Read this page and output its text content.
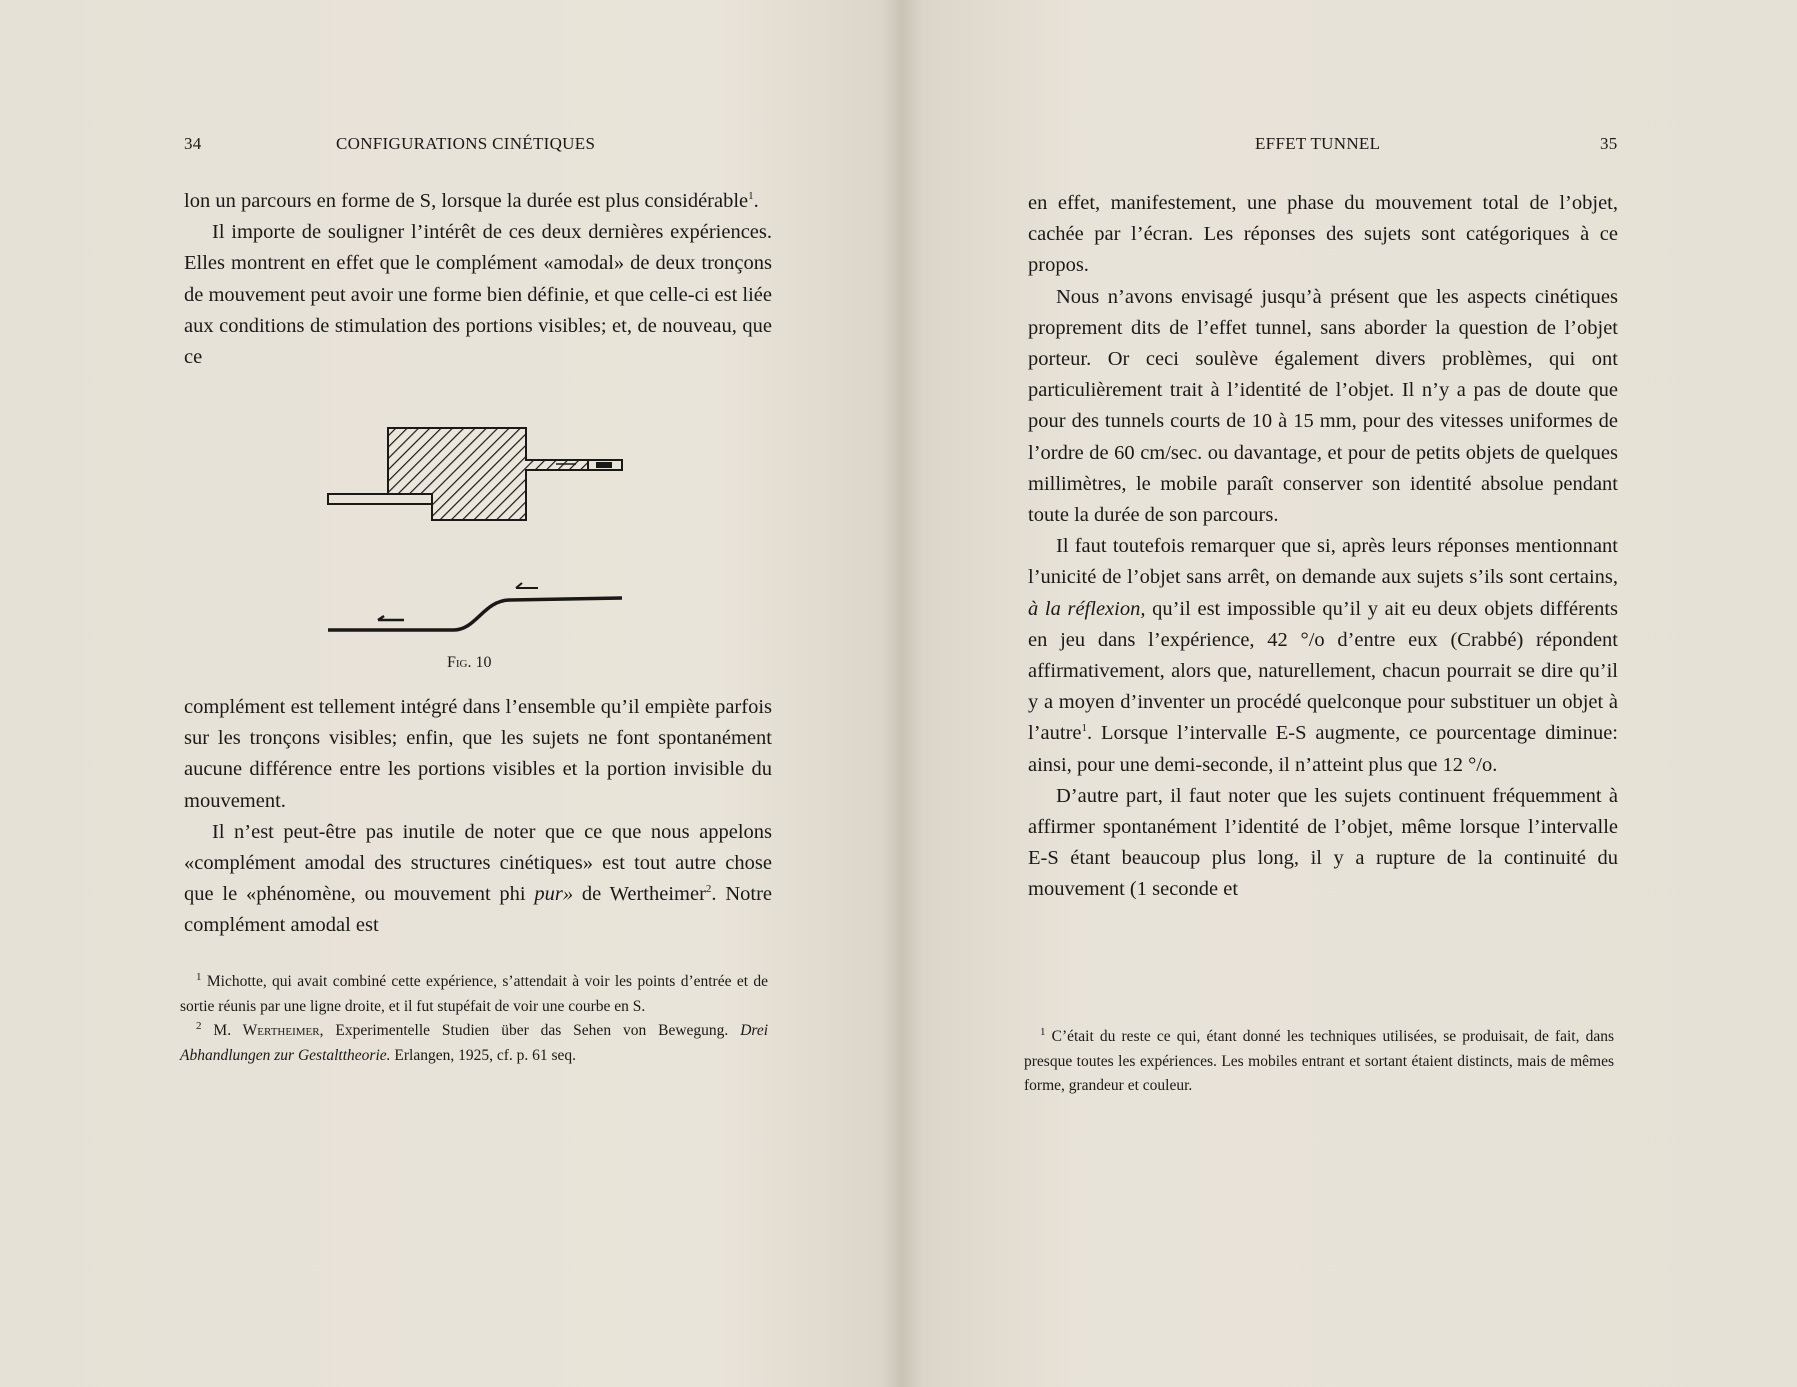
34	CONFIGURATIONS CINÉTIQUES

lon un parcours en forme de S, lorsque la durée est plus considérable$^1$.

Il importe de souligner l’intérêt de ces deux dernières expériences. Elles montrent en effet que le complément «amodal» de deux tronçons de mouvement peut avoir une forme bien définie, et que celle-ci est liée aux conditions de stimulation des portions visibles; et, de nouveau, que ce

Fig. 10

complément est tellement intégré dans l’ensemble qu’il empiète parfois sur les tronçons visibles; enfin, que les sujets ne font spontanément aucune différence entre les portions visibles et la portion invisible du mouvement.

Il n’est peut-être pas inutile de noter que ce que nous appelons «complément amodal des structures cinétiques» est tout autre chose que le «phénomène, ou mouvement phi pur» de Wertheimer$^2$. Notre complément amodal est

$^1$ Michotte, qui avait combiné cette expérience, s’attendait à voir les points d’entrée et de sortie réunis par une ligne droite, et il fut stupéfait de voir une courbe en S.

$^2$ M. Wertheimer, Experimentelle Studien über das Sehen von Bewegung. Drei Abhandlungen zur Gestalttheorie. Erlangen, 1925, cf. p. 61 seq.

EFFET TUNNEL	35

en effet, manifestement, une phase du mouvement total de l’objet, cachée par l’écran. Les réponses des sujets sont catégoriques à ce propos.

Nous n’avons envisagé jusqu’à présent que les aspects cinétiques proprement dits de l’effet tunnel, sans aborder la question de l’objet porteur. Or ceci soulève également divers problèmes, qui ont particulièrement trait à l’identité de l’objet. Il n’y a pas de doute que pour des tunnels courts de 10 à 15 mm, pour des vitesses uniformes de l’ordre de 60 cm/sec. ou davantage, et pour de petits objets de quelques millimètres, le mobile paraît conserver son identité absolue pendant toute la durée de son parcours.

Il faut toutefois remarquer que si, après leurs réponses mentionnant l’unicité de l’objet sans arrêt, on demande aux sujets s’ils sont certains, à la réflexion, qu’il est impossible qu’il y ait eu deux objets différents en jeu dans l’expérience, 42 °/o d’entre eux (Crabbé) répondent affirmativement, alors que, naturellement, chacun pourrait se dire qu’il y a moyen d’inventer un procédé quelconque pour substituer un objet à l’autre$^1$. Lorsque l’intervalle E-S augmente, ce pourcentage diminue: ainsi, pour une demi-seconde, il n’atteint plus que 12 °/o.

D’autre part, il faut noter que les sujets continuent fréquemment à affirmer spontanément l’identité de l’objet, même lorsque l’intervalle E-S étant beaucoup plus long, il y a rupture de la continuité du mouvement (1 seconde et

$^1$ C’était du reste ce qui, étant donné les techniques utilisées, se produisait, de fait, dans presque toutes les expériences. Les mobiles entrant et sortant étaient distincts, mais de mêmes forme, grandeur et couleur.
